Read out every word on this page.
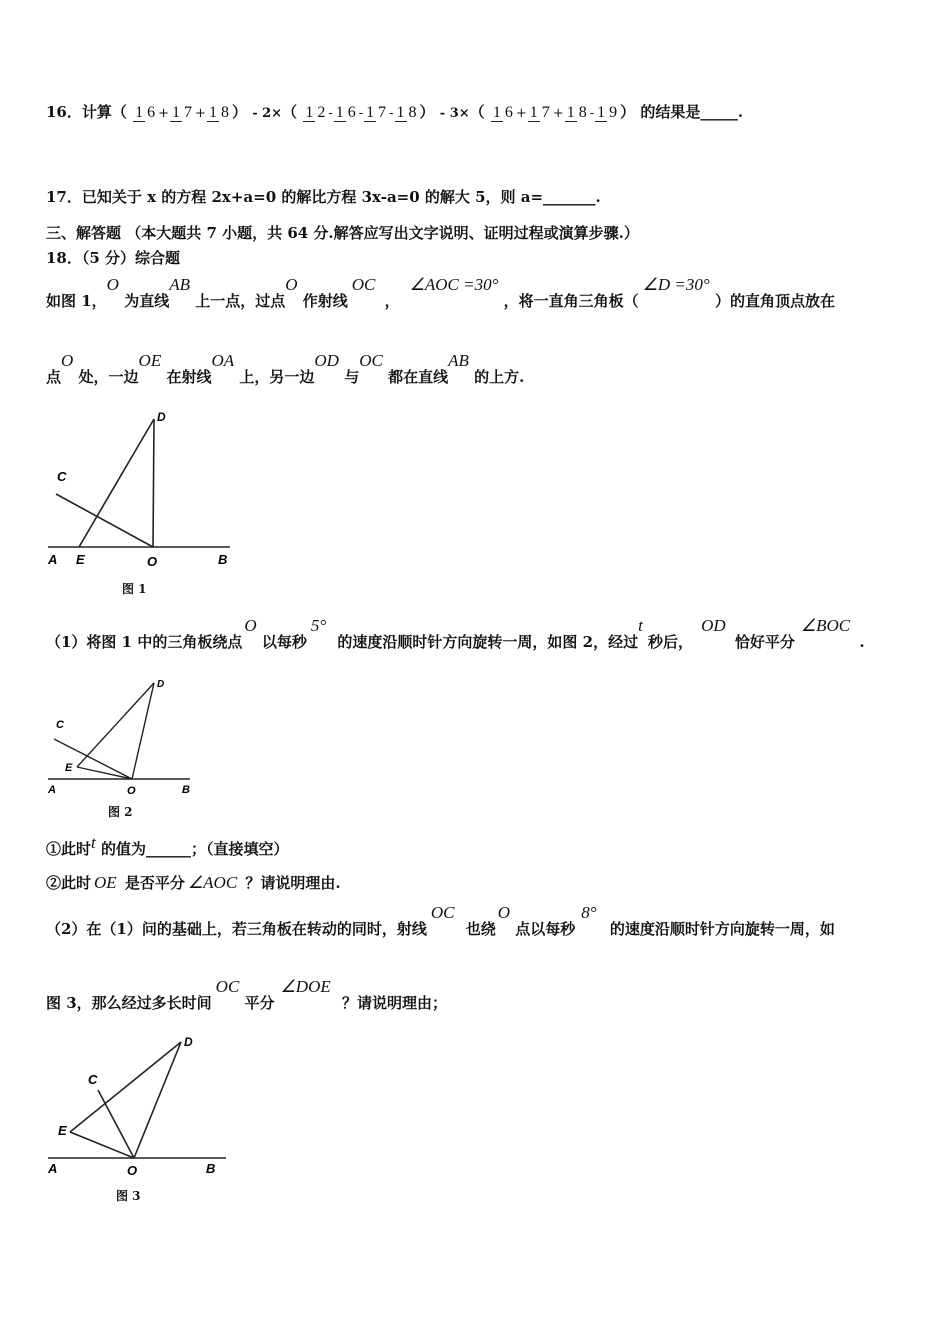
16．计算（ 1 6 + 1 7 + 1 8 ） - 2×（ 1 2 - 1 6 - 1 7 - 1 8 ） - 3×（ 1 6 + 1 7 + 1 8 - 1 9 ） 的结果是_____.
17．已知关于 x 的方程 2x+a=0 的解比方程 3x-a=0 的解大 5，则 a=_______.
三、解答题 （本大题共 7 小题，共 64 分.解答应写出文字说明、证明过程或演算步骤.）
18．（5 分）综合题
如图 1，O 为直线AB 上一点，过点O 作射线OC ，∠AOC =30° ，将一直角三角板（∠D =30° ）的直角顶点放在
点O 处，一边OE 在射线OA 上，另一边OD 与OC 都在直线AB 的上方.
A E	O	B
C
D
图 1
（1）将图 1 中的三角板绕点O 以每秒5° 的速度沿顺时针方向旋转一周，如图 2，经过t 秒后，OD 恰好平分∠BOC .
A
E
O	B
C
D
图 2
①此时t 的值为______；（直接填空）
②此时 OE 是否平分 ∠AOC ？请说明理由.
（2）在（1）问的基础上，若三角板在转动的同时，射线OC 也绕O 点以每秒8° 的速度沿顺时针方向旋转一周，如
图 3，那么经过多长时间OC 平分∠DOE ？请说明理由；
A
E
O	B
C
D
图 3
